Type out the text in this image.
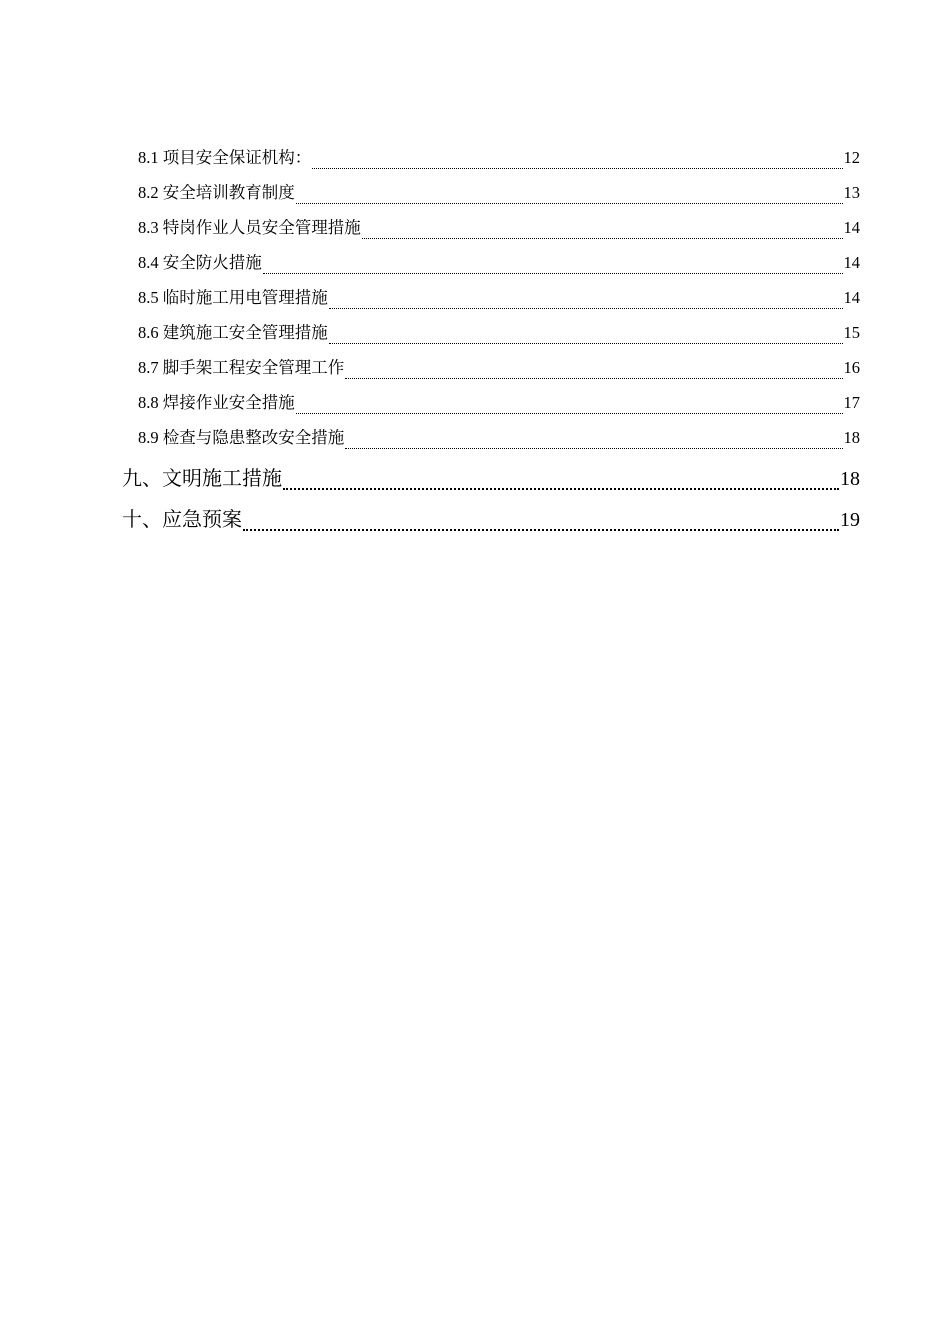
8.1  项目安全保证机构：	12
8.2  安全培训教育制度	13
8.3  特岗作业人员安全管理措施	14
8.4  安全防火措施	14
8.5  临时施工用电管理措施	14
8.6  建筑施工安全管理措施	15
8.7  脚手架工程安全管理工作	16
8.8  焊接作业安全措施	17
8.9  检查与隐患整改安全措施	18
九、文明施工措施	18
十、应急预案	19
